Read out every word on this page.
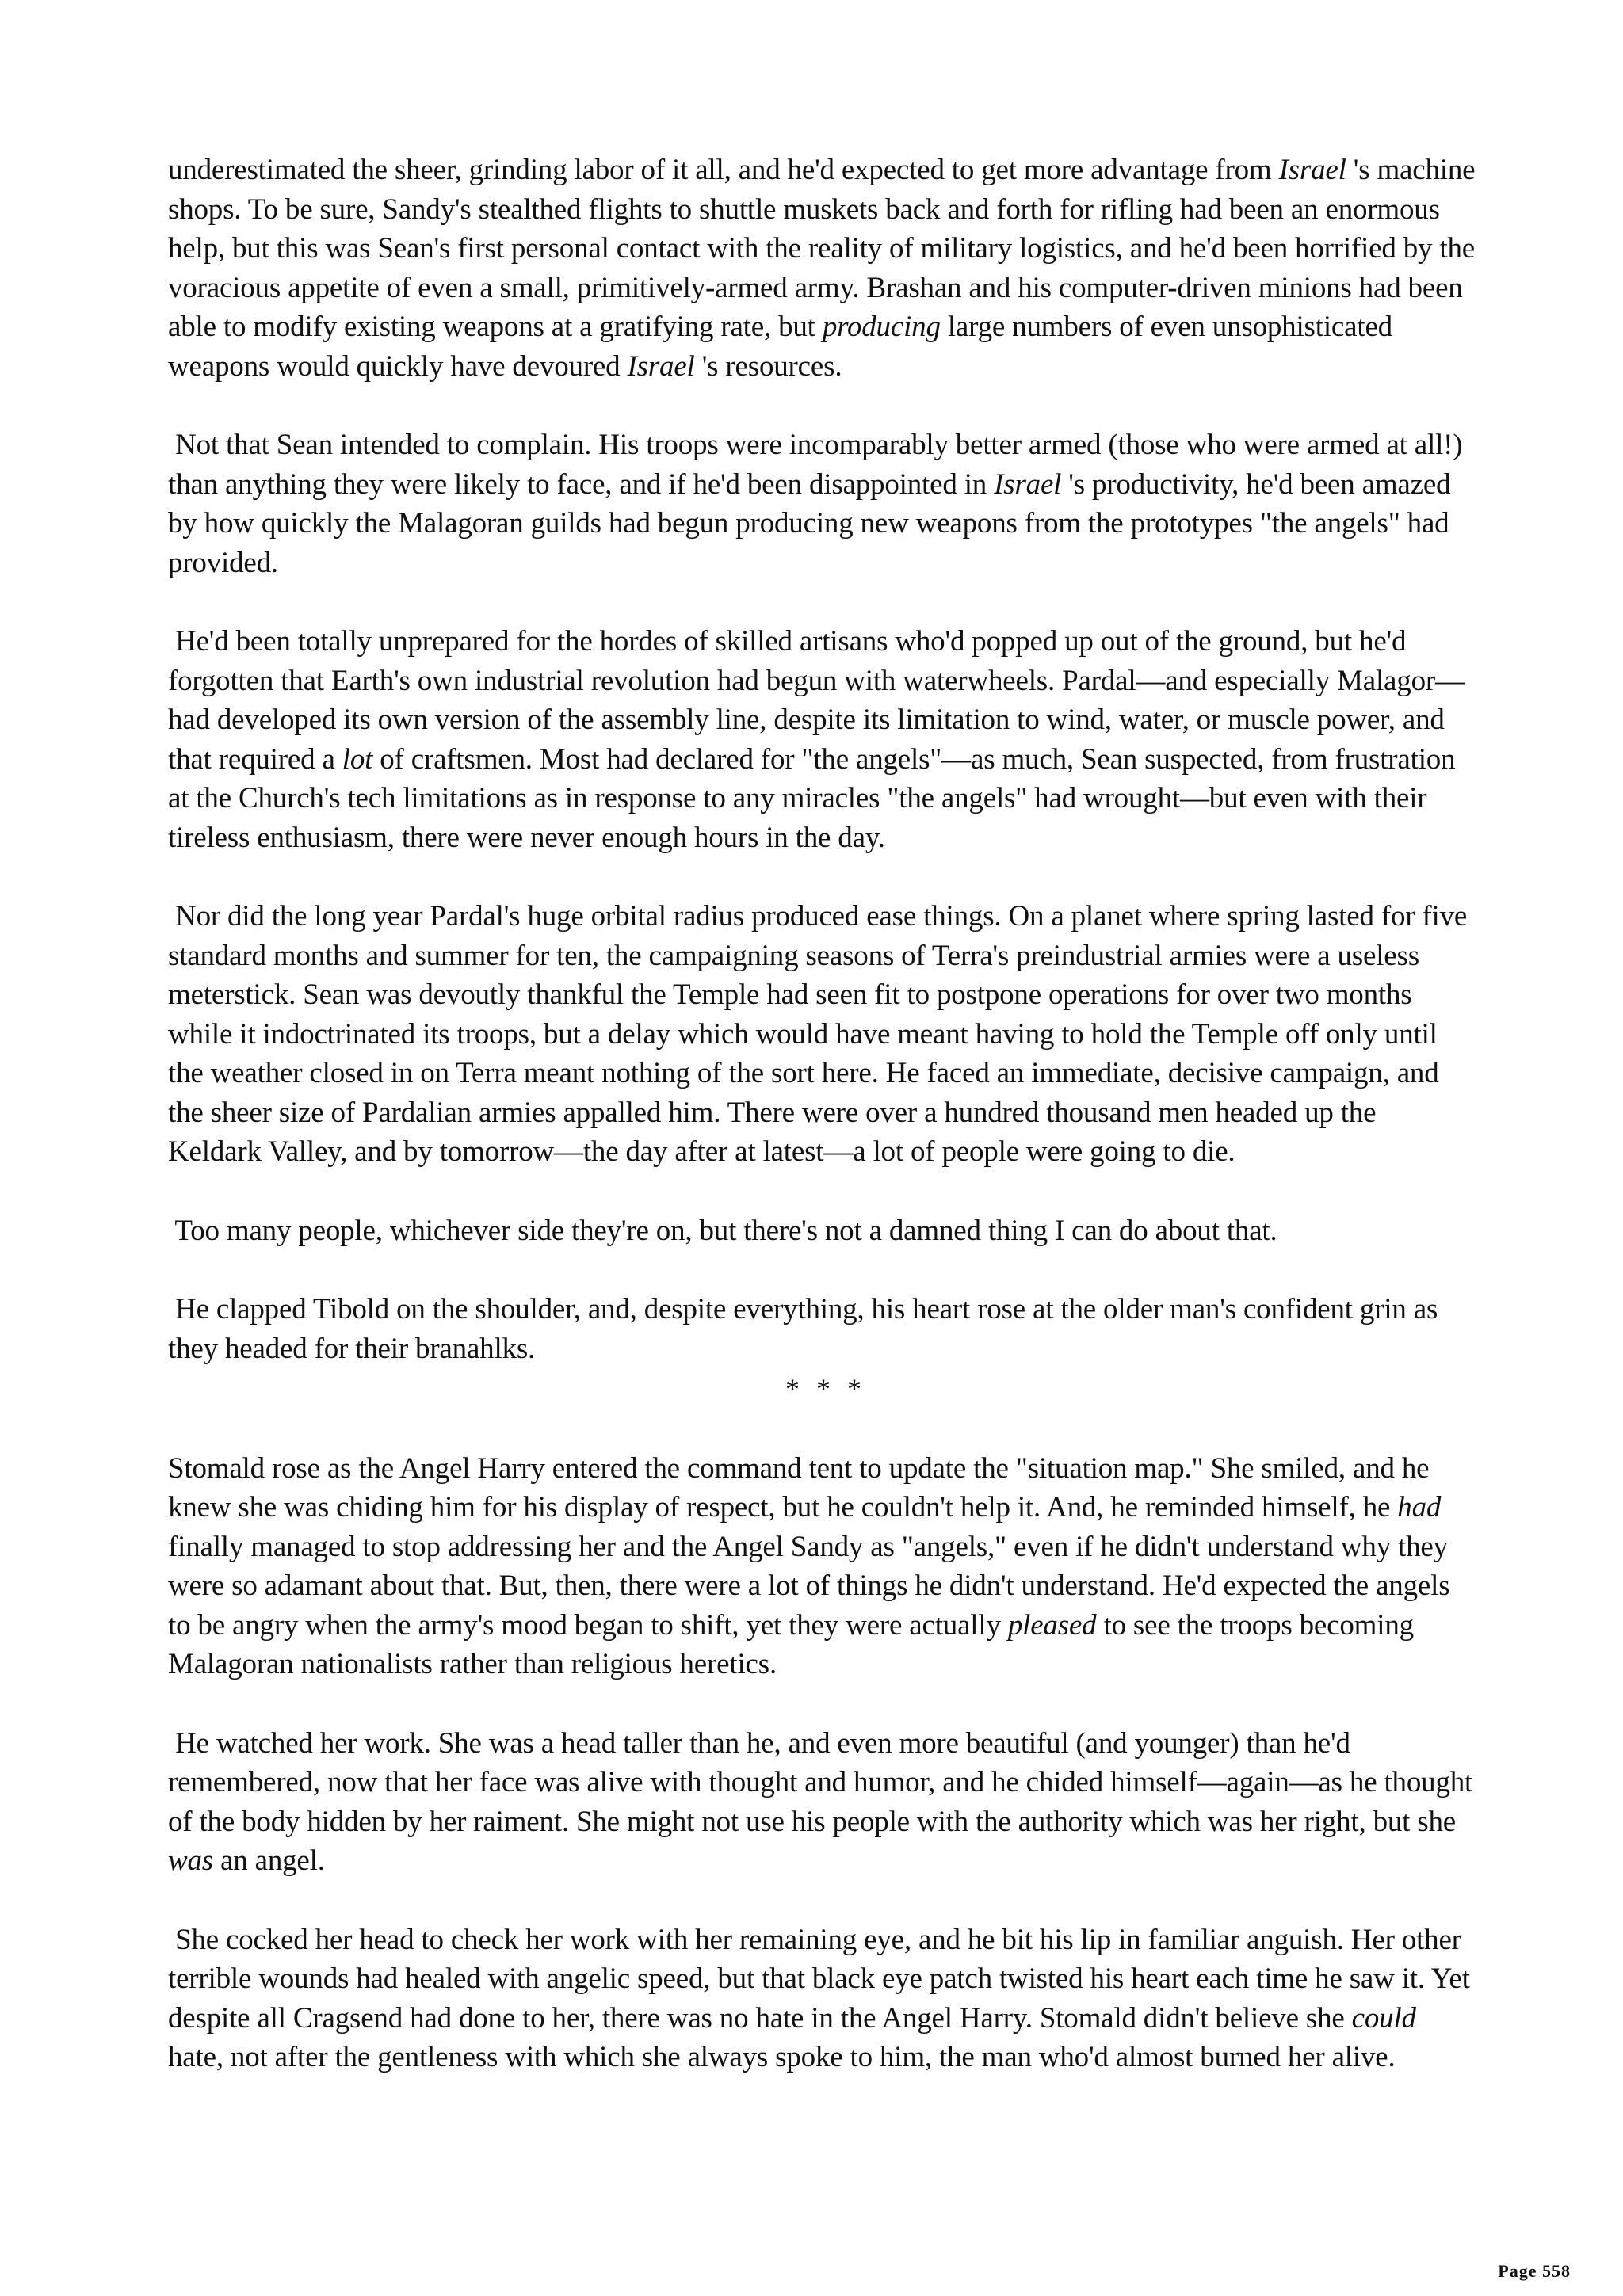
underestimated the sheer, grinding labor of it all, and he'd expected to get more advantage from Israel 's machine shops. To be sure, Sandy's stealthed flights to shuttle muskets back and forth for rifling had been an enormous help, but this was Sean's first personal contact with the reality of military logistics, and he'd been horrified by the voracious appetite of even a small, primitively-armed army. Brashan and his computer-driven minions had been able to modify existing weapons at a gratifying rate, but producing large numbers of even unsophisticated weapons would quickly have devoured Israel 's resources.

Not that Sean intended to complain. His troops were incomparably better armed (those who were armed at all!) than anything they were likely to face, and if he'd been disappointed in Israel 's productivity, he'd been amazed by how quickly the Malagoran guilds had begun producing new weapons from the prototypes "the angels" had provided.

He'd been totally unprepared for the hordes of skilled artisans who'd popped up out of the ground, but he'd forgotten that Earth's own industrial revolution had begun with waterwheels. Pardal—and especially Malagor—had developed its own version of the assembly line, despite its limitation to wind, water, or muscle power, and that required a lot of craftsmen. Most had declared for "the angels"—as much, Sean suspected, from frustration at the Church's tech limitations as in response to any miracles "the angels" had wrought—but even with their tireless enthusiasm, there were never enough hours in the day.

Nor did the long year Pardal's huge orbital radius produced ease things. On a planet where spring lasted for five standard months and summer for ten, the campaigning seasons of Terra's preindustrial armies were a useless meterstick. Sean was devoutly thankful the Temple had seen fit to postpone operations for over two months while it indoctrinated its troops, but a delay which would have meant having to hold the Temple off only until the weather closed in on Terra meant nothing of the sort here. He faced an immediate, decisive campaign, and the sheer size of Pardalian armies appalled him. There were over a hundred thousand men headed up the Keldark Valley, and by tomorrow—the day after at latest—a lot of people were going to die.

Too many people, whichever side they're on, but there's not a damned thing I can do about that.

He clapped Tibold on the shoulder, and, despite everything, his heart rose at the older man's confident grin as they headed for their branahlks.

* * *

Stomald rose as the Angel Harry entered the command tent to update the "situation map." She smiled, and he knew she was chiding him for his display of respect, but he couldn't help it. And, he reminded himself, he had finally managed to stop addressing her and the Angel Sandy as "angels," even if he didn't understand why they were so adamant about that. But, then, there were a lot of things he didn't understand. He'd expected the angels to be angry when the army's mood began to shift, yet they were actually pleased to see the troops becoming Malagoran nationalists rather than religious heretics.

He watched her work. She was a head taller than he, and even more beautiful (and younger) than he'd remembered, now that her face was alive with thought and humor, and he chided himself—again—as he thought of the body hidden by her raiment. She might not use his people with the authority which was her right, but she was an angel.

She cocked her head to check her work with her remaining eye, and he bit his lip in familiar anguish. Her other terrible wounds had healed with angelic speed, but that black eye patch twisted his heart each time he saw it. Yet despite all Cragsend had done to her, there was no hate in the Angel Harry. Stomald didn't believe she could hate, not after the gentleness with which she always spoke to him, the man who'd almost burned her alive.

Page 558
